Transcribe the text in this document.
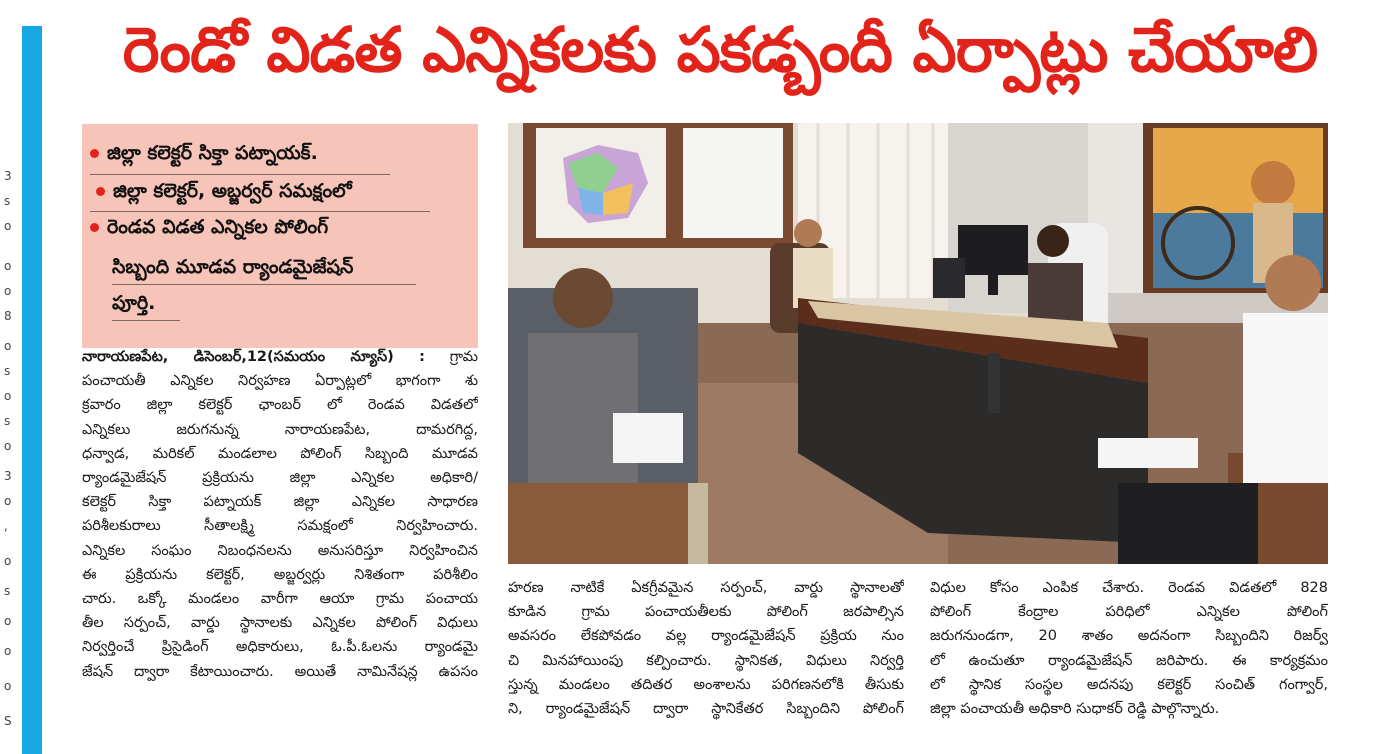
3
s
o
o
o
8
o
s
o
s
o
3
o
,
o
s
o
o
o
S
రెండో విడత ఎన్నికలకు పకడ్బందీ ఏర్పాట్లు చేయాలి
జిల్లా కలెక్టర్ సిక్తా పట్నాయక్.
జిల్లా కలెక్టర్, అబ్జర్వర్ సమక్షంలో
రెండవ విడత ఎన్నికల పోలింగ్
సిబ్బంది మూడవ ర్యాండమైజేషన్
పూర్తి.
నారాయణపేట, డిసెంబర్,12(సమయం న్యూస్) : గ్రామ
పంచాయతీ ఎన్నికల నిర్వహణ ఏర్పాట్లలో భాగంగా శు
క్రవారం జిల్లా కలెక్టర్ ఛాంబర్ లో రెండవ విడతలో
ఎన్నికలు జరుగనున్న నారాయణపేట, దామరగిద్ద,
ధన్వాడ, మరికల్ మండలాల పోలింగ్ సిబ్బంది మూడవ
ర్యాండమైజేషన్ ప్రక్రియను జిల్లా ఎన్నికల అధికారి/
కలెక్టర్ సిక్తా పట్నాయక్ జిల్లా ఎన్నికల సాధారణ
పరిశీలకురాలు సీతాలక్ష్మి సమక్షంలో నిర్వహించారు.
ఎన్నికల సంఘం నిబంధనలను అనుసరిస్తూ నిర్వహించిన
ఈ ప్రక్రియను కలెక్టర్, అబ్జర్వర్లు నిశితంగా పరిశీలిం
చారు. ఒక్కో మండలం వారీగా ఆయా గ్రామ పంచాయ
తీల సర్పంచ్, వార్డు స్థానాలకు ఎన్నికల పోలింగ్ విధులు
నిర్వర్తించే ప్రిసైడింగ్ అధికారులు, ఓ.పీ.ఓలను ర్యాండమై
జేషన్ ద్వారా కేటాయించారు. అయితే నామినేషన్ల ఉపసం
హరణ నాటికే ఏకగ్రీవమైన సర్పంచ్, వార్డు స్థానాలతో
కూడిన గ్రామ పంచాయతీలకు పోలింగ్ జరపాల్సిన
అవసరం లేకపోవడం వల్ల ర్యాండమైజేషన్ ప్రక్రియ నుం
చి మినహాయింపు కల్పించారు. స్థానికత, విధులు నిర్వర్తి
స్తున్న మండలం తదితర అంశాలను పరిగణనలోకి తీసుకు
ని, ర్యాండమైజేషన్ ద్వారా స్థానికేతర సిబ్బందిని పోలింగ్
విధుల కోసం ఎంపిక చేశారు. రెండవ విడతలో 828
పోలింగ్ కేంద్రాల పరిధిలో ఎన్నికల పోలింగ్
జరుగనుండగా, 20 శాతం అదనంగా సిబ్బందిని రిజర్వ్
లో ఉంచుతూ ర్యాండమైజేషన్ జరిపారు. ఈ కార్యక్రమం
లో స్థానిక సంస్థల అదనపు కలెక్టర్ సంచిత్ గంగ్వార్,
జిల్లా పంచాయతీ అధికారి సుధాకర్ రెడ్డి పాల్గొన్నారు.
